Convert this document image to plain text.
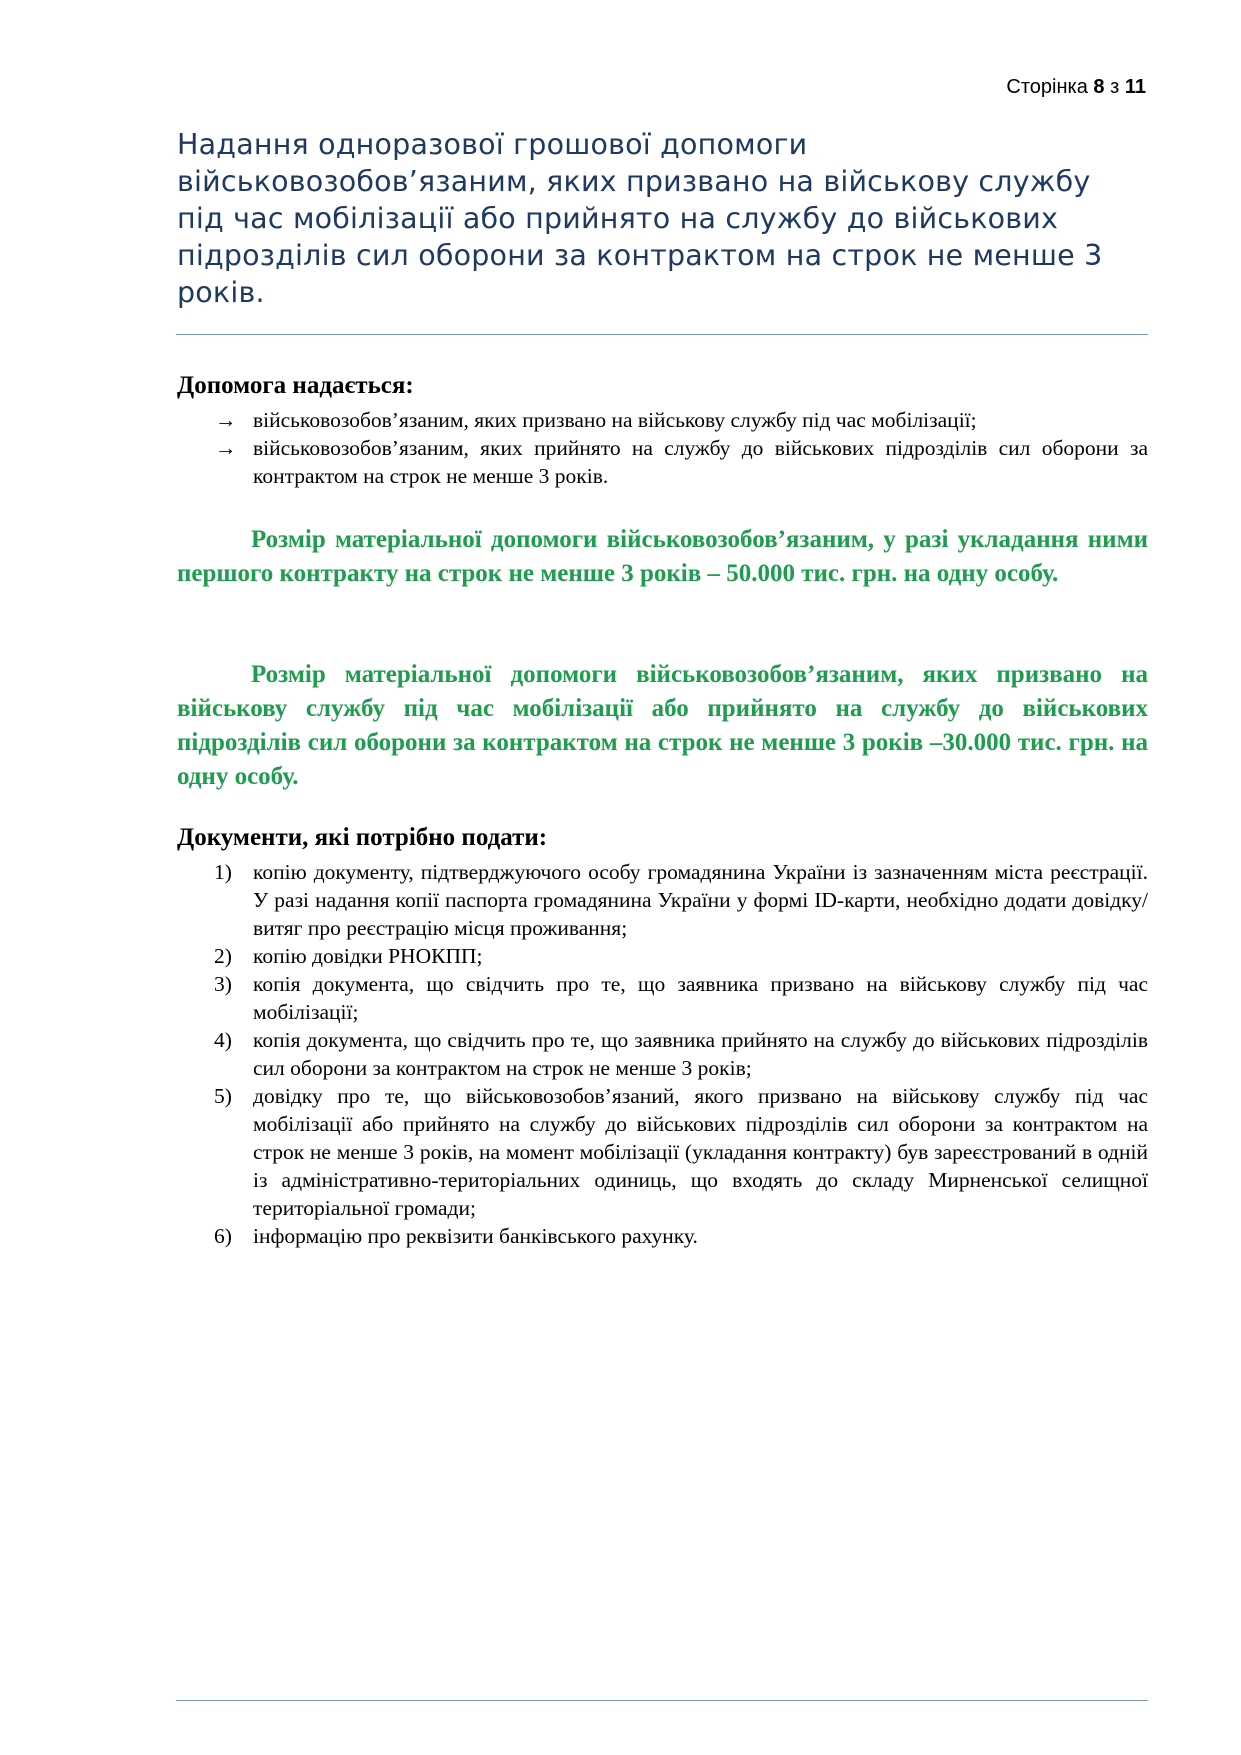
Сторінка 8 з 11
Надання одноразової грошової допомоги військовозобов’язаним, яких призвано на військову службу під час мобілізації або прийнято на службу до військових підрозділів сил оборони за контрактом на строк не менше 3 років.
Допомога надається:
→ військовозобов’язаним, яких призвано на військову службу під час мобілізації;
→ військовозобов’язаним, яких прийнято на службу до військових підрозділів сил оборони за контрактом на строк не менше 3 років.

Розмір матеріальної допомоги військовозобов’язаним, у разі укладання ними першого контракту на строк не менше 3 років – 50.000 тис. грн. на одну особу.

Розмір матеріальної допомоги військовозобов’язаним, яких призвано на військову службу під час мобілізації або прийнято на службу до військових підрозділів сил оборони за контрактом на строк не менше 3 років –30.000 тис. грн. на одну особу.

Документи, які потрібно подати:
1) копію документу, підтверджуючого особу громадянина України із зазначенням міста реєстрації. У разі надання копії паспорта громадянина України у формі ID-карти, необхідно додати довідку/витяг про реєстрацію місця проживання;
2) копію довідки РНОКПП;
3) копія документа, що свідчить про те, що заявника призвано на військову службу під час мобілізації;
4) копія документа, що свідчить про те, що заявника прийнято на службу до військових підрозділів сил оборони за контрактом на строк не менше 3 років;
5) довідку про те, що військовозобов’язаний, якого призвано на військову службу під час мобілізації або прийнято на службу до військових підрозділів сил оборони за контрактом на строк не менше 3 років, на момент мобілізації (укладання контракту) був зареєстрований в одній із адміністративно-територіальних одиниць, що входять до складу Мирненської селищної територіальної громади;
6) інформацію про реквізити банківського рахунку.
